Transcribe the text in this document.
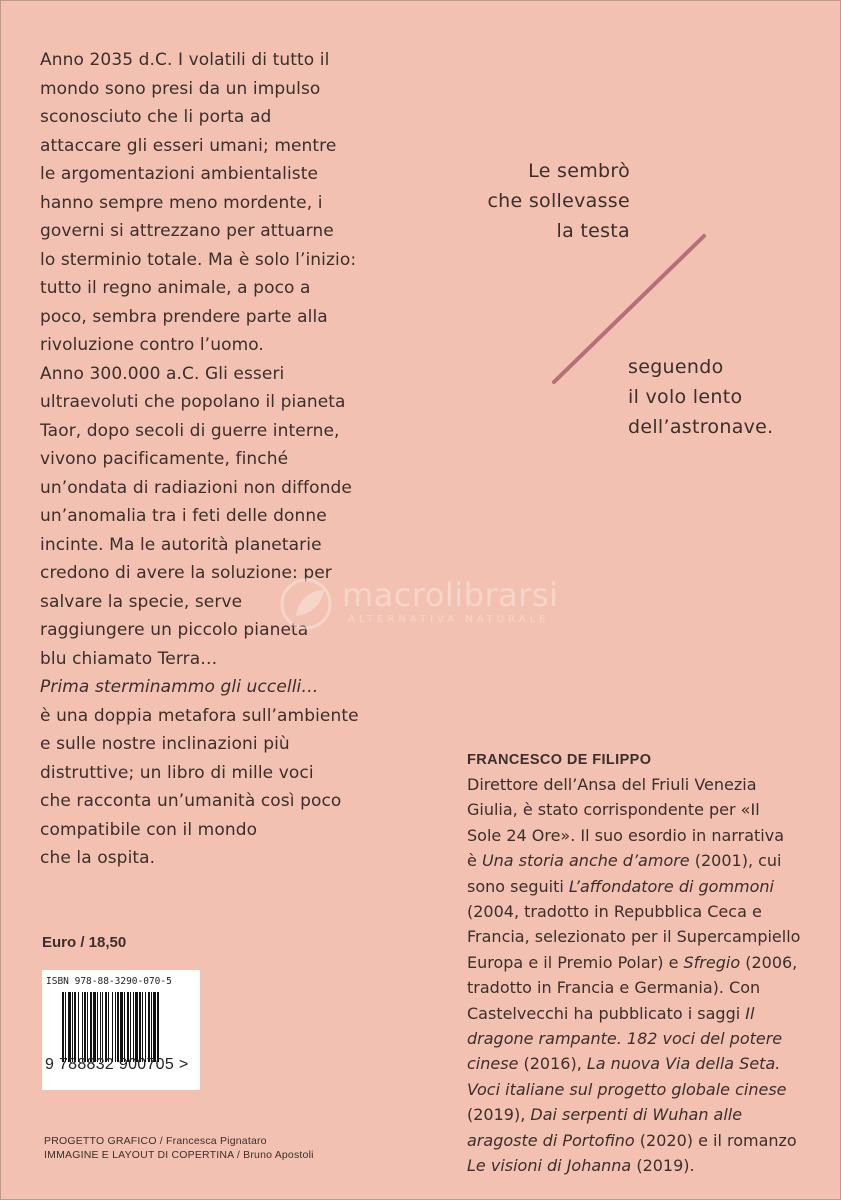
Anno 2035 d.C. I volatili di tutto il

mondo sono presi da un impulso

sconosciuto che li porta ad

attaccare gli esseri umani; mentre

le argomentazioni ambientaliste

hanno sempre meno mordente, i

governi si attrezzano per attuarne

lo sterminio totale. Ma è solo l’inizio:

tutto il regno animale, a poco a

poco, sembra prendere parte alla

rivoluzione contro l’uomo.

Anno 300.000 a.C. Gli esseri

ultraevoluti che popolano il pianeta

Taor, dopo secoli di guerre interne,

vivono pacificamente, finché

un’ondata di radiazioni non diffonde

un’anomalia tra i feti delle donne

incinte. Ma le autorità planetarie

credono di avere la soluzione: per

salvare la specie, serve

raggiungere un piccolo pianeta

blu chiamato Terra…

Prima sterminammo gli uccelli…

è una doppia metafora sull’ambiente

e sulle nostre inclinazioni più

distruttive; un libro di mille voci

che racconta un’umanità così poco

compatibile con il mondo

che la ospita.

Le sembrò
che sollevasse
la testa
seguendo
il volo lento
dell’astronave.
macrolibrarsi
ALTERNATIVA NATURALE
FRANCESCO DE FILIPPO

Direttore dell’Ansa del Friuli Venezia

Giulia, è stato corrispondente per «Il

Sole 24 Ore». Il suo esordio in narrativa

è Una storia anche d’amore (2001), cui

sono seguiti L’affondatore di gommoni

(2004, tradotto in Repubblica Ceca e

Francia, selezionato per il Supercampiello

Europa e il Premio Polar) e Sfregio (2006,

tradotto in Francia e Germania). Con

Castelvecchi ha pubblicato i saggi Il

dragone rampante. 182 voci del potere

cinese (2016), La nuova Via della Seta.

Voci italiane sul progetto globale cinese

(2019), Dai serpenti di Wuhan alle

aragoste di Portofino (2020) e il romanzo

Le visioni di Johanna (2019).

Euro / 18,50
ISBN 978-88-3290-070-5
9 788832 900705 >
PROGETTO GRAFICO / Francesca Pignataro
IMMAGINE E LAYOUT DI COPERTINA / Bruno Apostoli
